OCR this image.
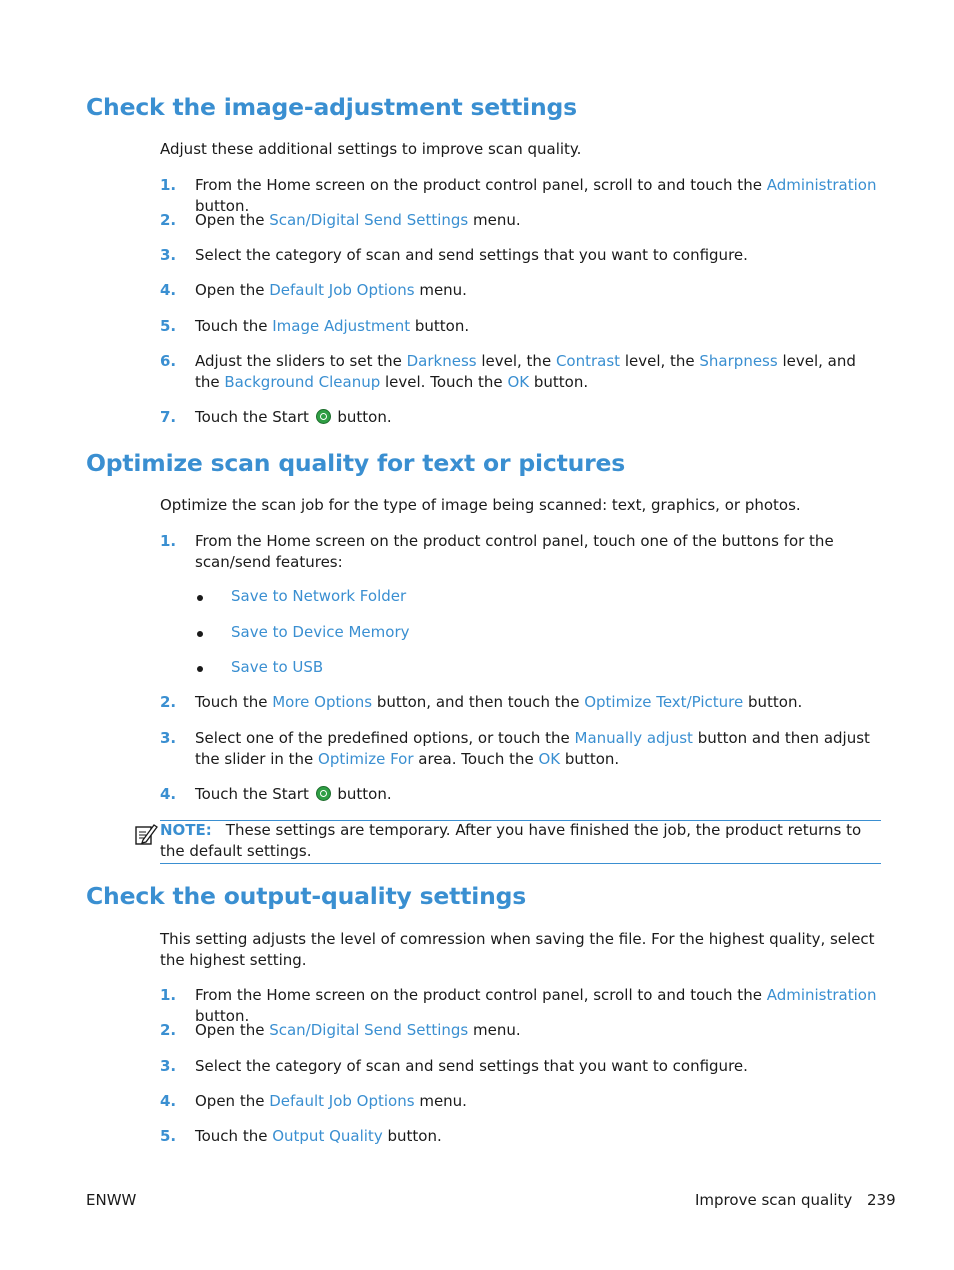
Check the image-adjustment settings

Adjust these additional settings to improve scan quality.

1.	From the Home screen on the product control panel, scroll to and touch the Administration button.

2.	Open the Scan/Digital Send Settings menu.

3.	Select the category of scan and send settings that you want to configure.

4.	Open the Default Job Options menu.

5.	Touch the Image Adjustment button.

6.	Adjust the sliders to set the Darkness level, the Contrast level, the Sharpness level, and the Background Cleanup level. Touch the OK button.

7.	Touch the Start  button.

Optimize scan quality for text or pictures

Optimize the scan job for the type of image being scanned: text, graphics, or photos.

1.	From the Home screen on the product control panel, touch one of the buttons for the scan/send features:

Save to Network Folder
Save to Device Memory
Save to USB
2.	Touch the More Options button, and then touch the Optimize Text/Picture button.

3.	Select one of the predefined options, or touch the Manually adjust button and then adjust the slider in the Optimize For area. Touch the OK button.

4.	Touch the Start  button.

NOTE: These settings are temporary. After you have finished the job, the product returns to the default settings.
Check the output-quality settings

This setting adjusts the level of comression when saving the file. For the highest quality, select the highest setting.

1.	From the Home screen on the product control panel, scroll to and touch the Administration button.

2.	Open the Scan/Digital Send Settings menu.

3.	Select the category of scan and send settings that you want to configure.

4.	Open the Default Job Options menu.

5.	Touch the Output Quality button.

ENWW	Improve scan quality 239
